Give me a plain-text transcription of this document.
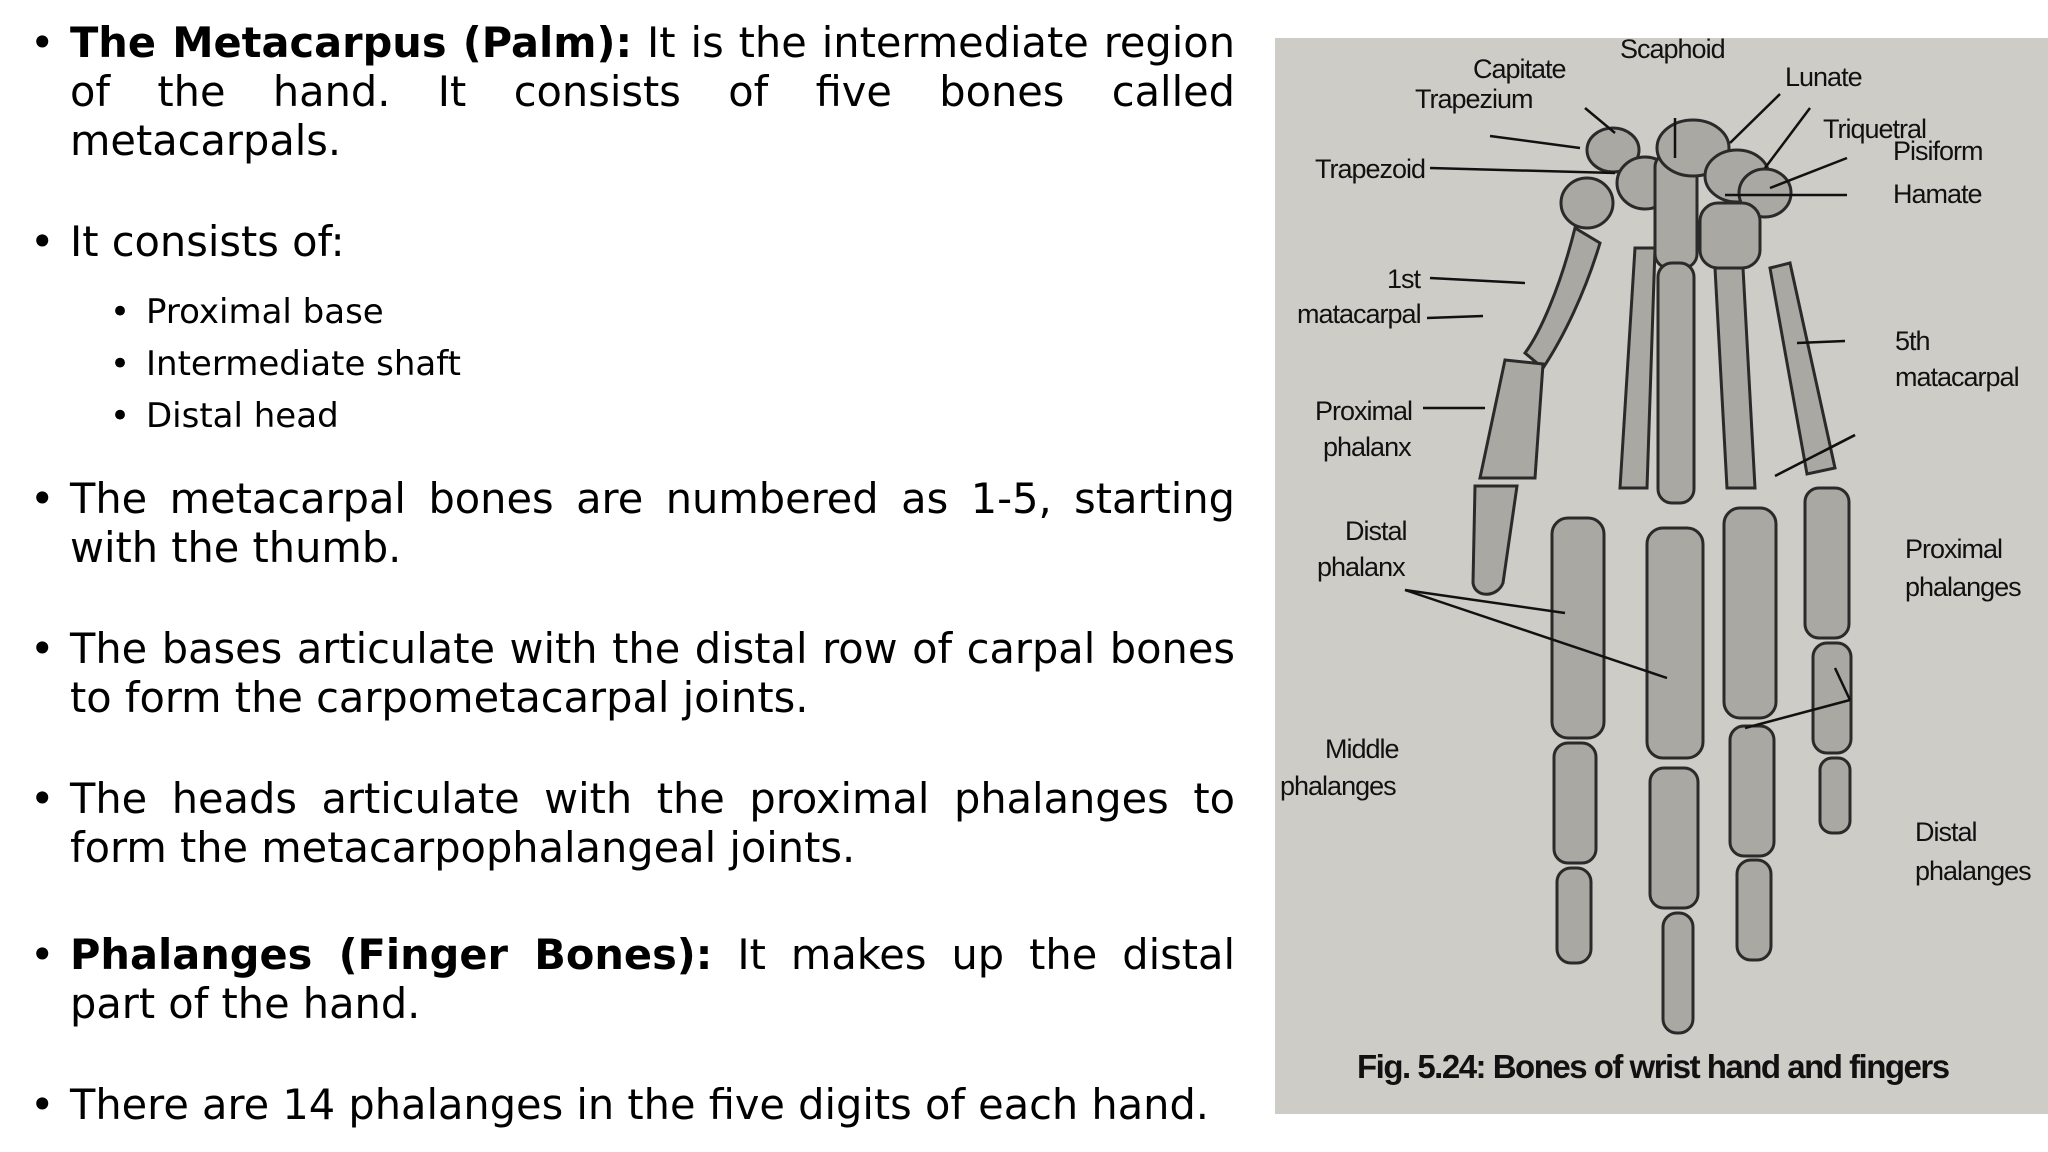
• The Metacarpus (Palm): It is the intermediate region of the hand. It consists of five bones called metacarpals.
• It consists of:
• Proximal base
• Intermediate shaft
• Distal head
• The metacarpal bones are numbered as 1-5, starting with the thumb.
• The bases articulate with the distal row of carpal bones to form the carpometacarpal joints.
• The heads articulate with the proximal phalanges to form the metacarpophalangeal joints.
• Phalanges (Finger Bones): It makes up the distal part of the hand.
• There are 14 phalanges in the five digits of each hand.
Scaphoid
Capitate	Lunate
Trapezium
Triquetral
Pisiform
Trapezoid
Hamate
1st
matacarpal
5th
matacarpal
Proximal
phalanx
Distal
phalanx
Proximal
phalanges
Middle
phalanges
Distal
phalanges
Fig. 5.24: Bones of wrist hand and fingers
